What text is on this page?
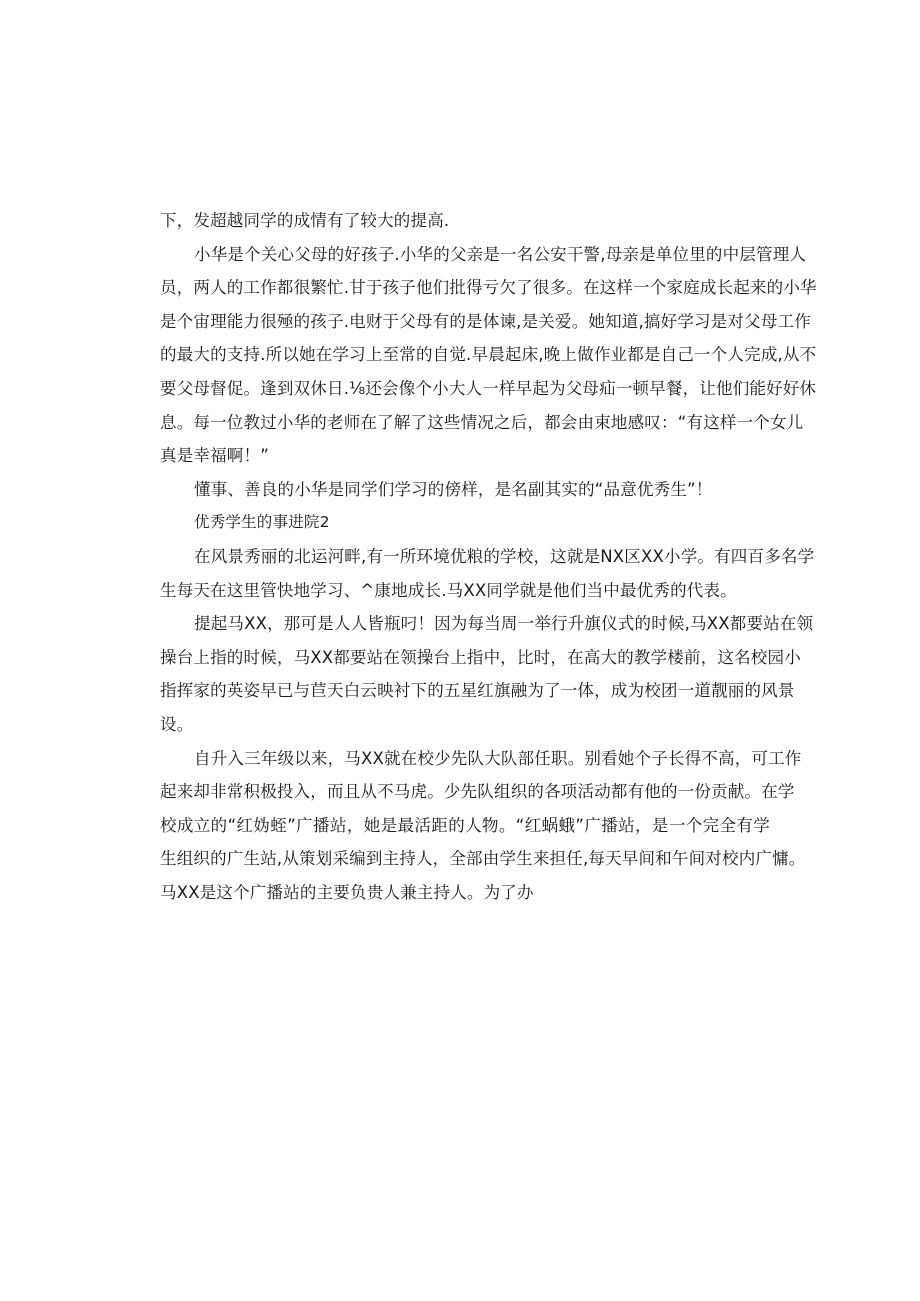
下，发超越同学的成情有了较大的提高.
小华是个关心父母的好孩子.小华的父亲是一名公安干警,母亲是单位里的中层管理人
员，两人的工作都很繁忙.甘于孩子他们批得亏欠了很多。在这样一个家庭成长起来的小华
是个宙理能力很殛的孩子.电财于父母有的是体谏,是关爱。她知道,搞好学习是对父母工作
的最大的支持.所以她在学习上至常的自觉.早晨起床,晚上做作业都是自己一个人完成,从不
要父母督促。逢到双休日.⅛还会像个小大人一样早起为父母疝一顿早餐，让他们能好好休
息。每一位教过小华的老师在了解了这些情况之后，都会由束地感叹：“有这样一个女儿
真是幸福啊！”
懂事、善良的小华是同学们学习的傍样，是名副其实的“品意优秀生”！
优秀学生的事进院2
在风景秀丽的北运河畔,有一所环境优粮的学校，这就是NX区XX小学。有四百多名学
生每天在这里管快地学习、^康地成长.马XX同学就是他们当中最优秀的代表。
提起马XX，那可是人人皆瓶叼！因为每当周一举行升旗仪式的时候,马XX都要站在领
操台上指的时候，马XX都要站在领操台上指中，比时，在高大的教学楼前，这名校园小
指挥家的英姿早已与苣天白云映衬下的五星红旗融为了一体，成为校团一道靓丽的风景
设。
自升入三年级以来，马XX就在校少先队大队部任职。别看她个子长得不高，可工作
起来却非常积极投入，而且从不马虎。少先队组织的各项活动都有他的一份贡献。在学
校成立的“红妫蛭”广播站，她是最活距的人物。“红蜗蛾”广播站，是一个完全有学
生组织的广生站,从策划采编到主持人，全部由学生来担任,每天早间和午间对校内广慵。
马XX是这个广播站的主要负贵人兼主持人。为了办
